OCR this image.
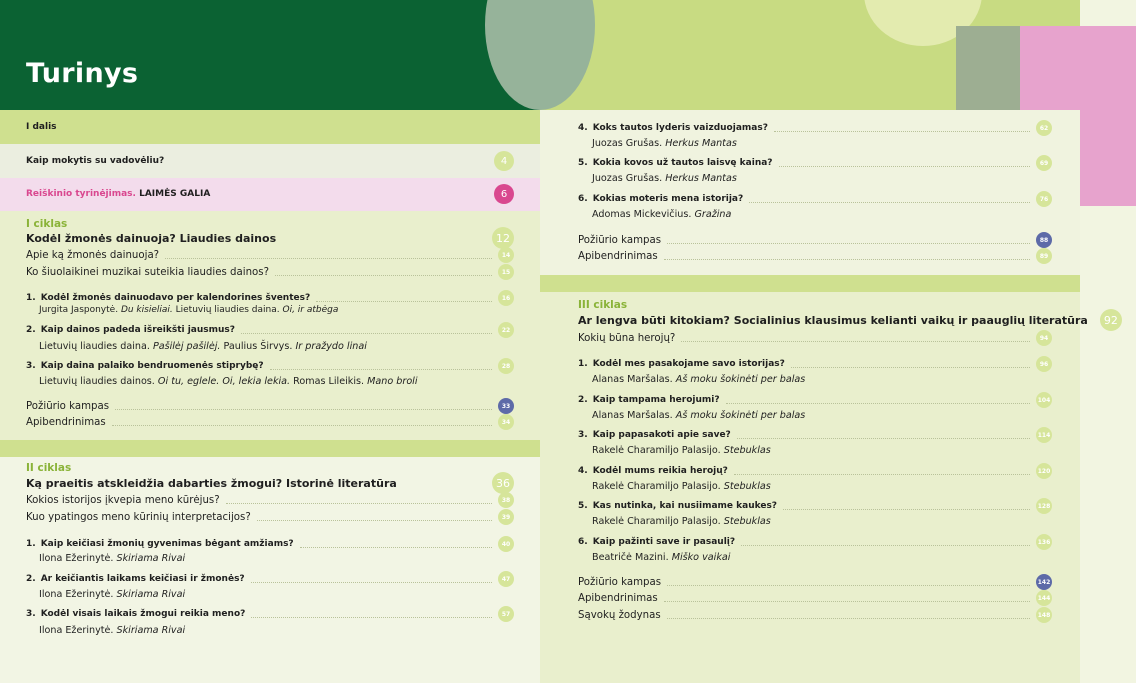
Turinys
I dalis
Kaip mokytis su vadovėliu?	4
Reiškinio tyrinėjimas. LAIMĖS GALIA	6
I ciklas
Kodėl žmonės dainuoja? Liaudies dainos	12
Apie ką žmonės dainuoja?	14
Ko šiuolaikinei muzikai suteikia liaudies dainos?	15
1. Kodėl žmonės dainuodavo per kalendorines šventes?	16
Jurgita Jasponytė. Du kisieliai. Lietuvių liaudies daina. Oi, ir atbėga
2. Kaip dainos padeda išreikšti jausmus?	22
Lietuvių liaudies daina. Pašilėj pašilėj. Paulius Širvys. Ir pražydo linai
3. Kaip daina palaiko bendruomenės stiprybę?	28
Lietuvių liaudies dainos. Oi tu, eglele. Oi, lekia lekia. Romas Lileikis. Mano broli
Požiūrio kampas	33
Apibendrinimas	34
II ciklas
Ką praeitis atskleidžia dabarties žmogui? Istorinė literatūra	36
Kokios istorijos įkvepia meno kūrėjus?	38
Kuo ypatingos meno kūrinių interpretacijos?	39
1. Kaip keičiasi žmonių gyvenimas bėgant amžiams?	40
Ilona Ežerinytė. Skiriama Rivai
2. Ar keičiantis laikams keičiasi ir žmonės?	47
Ilona Ežerinytė. Skiriama Rivai
3. Kodėl visais laikais žmogui reikia meno?	57
Ilona Ežerinytė. Skiriama Rivai
4. Koks tautos lyderis vaizduojamas?	62
Juozas Grušas. Herkus Mantas
5. Kokia kovos už tautos laisvę kaina?	69
Juozas Grušas. Herkus Mantas
6. Kokias moteris mena istorija?	76
Adomas Mickevičius. Gražina
Požiūrio kampas	88
Apibendrinimas	89
III ciklas
Ar lengva būti kitokiam? Socialinius klausimus kelianti vaikų ir paauglių literatūra	92
Kokių būna herojų?	94
1. Kodėl mes pasakojame savo istorijas?	96
Alanas Maršalas. Aš moku šokinėti per balas
2. Kaip tampama herojumi?	104
Alanas Maršalas. Aš moku šokinėti per balas
3. Kaip papasakoti apie save?	114
Rakelė Charamiljo Palasijo. Stebuklas
4. Kodėl mums reikia herojų?	120
Rakelė Charamiljo Palasijo. Stebuklas
5. Kas nutinka, kai nusiimame kaukes?	128
Rakelė Charamiljo Palasijo. Stebuklas
6. Kaip pažinti save ir pasaulį?	136
Beatričė Mazini. Miško vaikai
Požiūrio kampas	142
Apibendrinimas	144
Sąvokų žodynas	148
